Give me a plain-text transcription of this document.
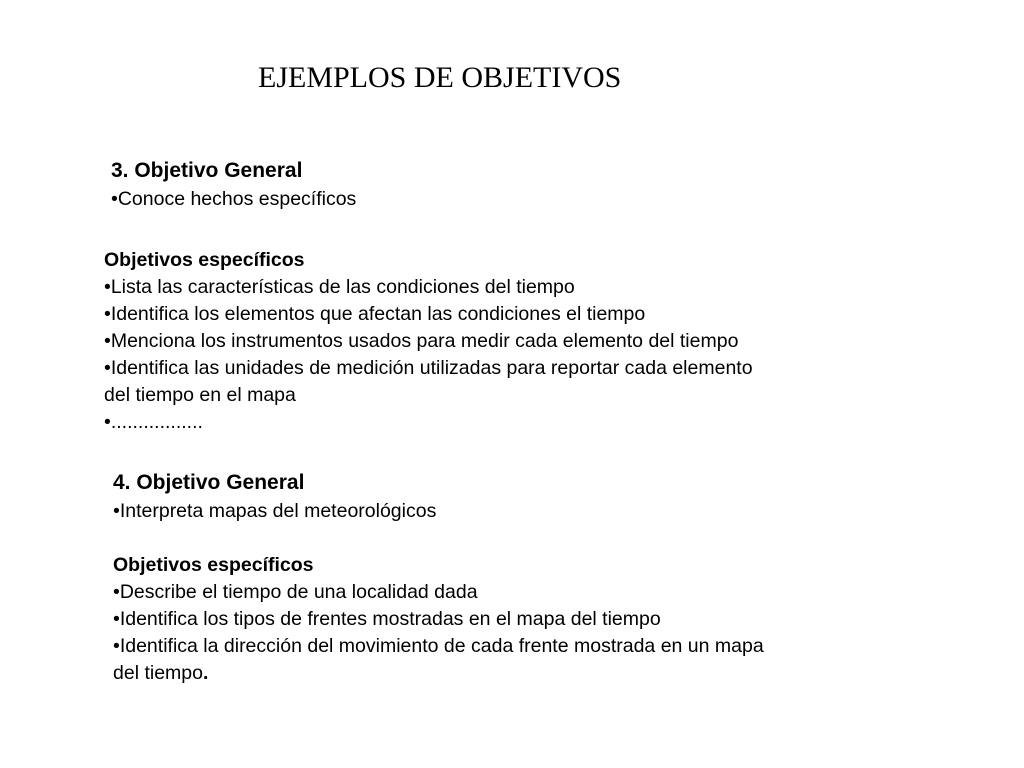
EJEMPLOS DE OBJETIVOS
3. Objetivo General
•Conoce hechos específicos
Objetivos específicos
•Lista las características de las condiciones del tiempo
•Identifica los elementos que afectan las condiciones el tiempo
•Menciona los instrumentos usados para medir cada elemento del tiempo
•Identifica las unidades de medición utilizadas para reportar cada elemento
del tiempo en el mapa
•.................
4. Objetivo General
•Interpreta mapas del meteorológicos
Objetivos específicos
•Describe el tiempo de una localidad dada
•Identifica los tipos de frentes mostradas en el mapa del tiempo
•Identifica la dirección del movimiento de cada frente mostrada en un mapa
del tiempo.
